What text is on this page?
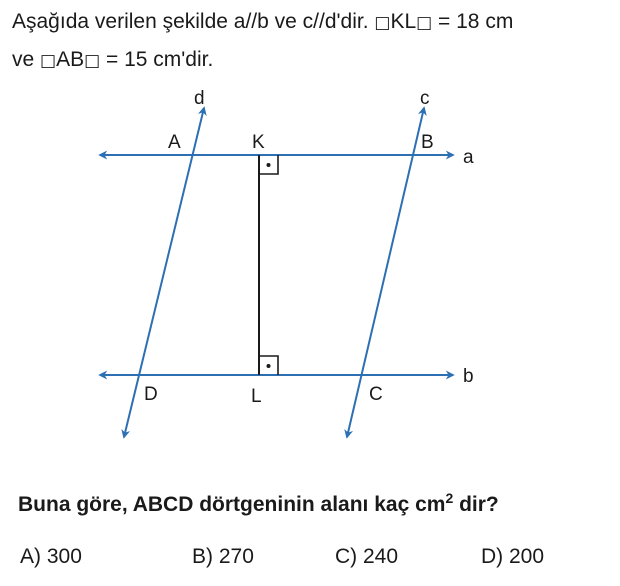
Aşağıda verilen şekilde a//b ve c//d'dir. □KL□ = 18 cm
ve □AB□ = 15 cm'dir.
d	c
A	K	B
a
D	L	C
b
Buna göre, ABCD dörtgeninin alanı kaç $cm^2$ dir?
A) 300	B) 270	C) 240	D) 200
